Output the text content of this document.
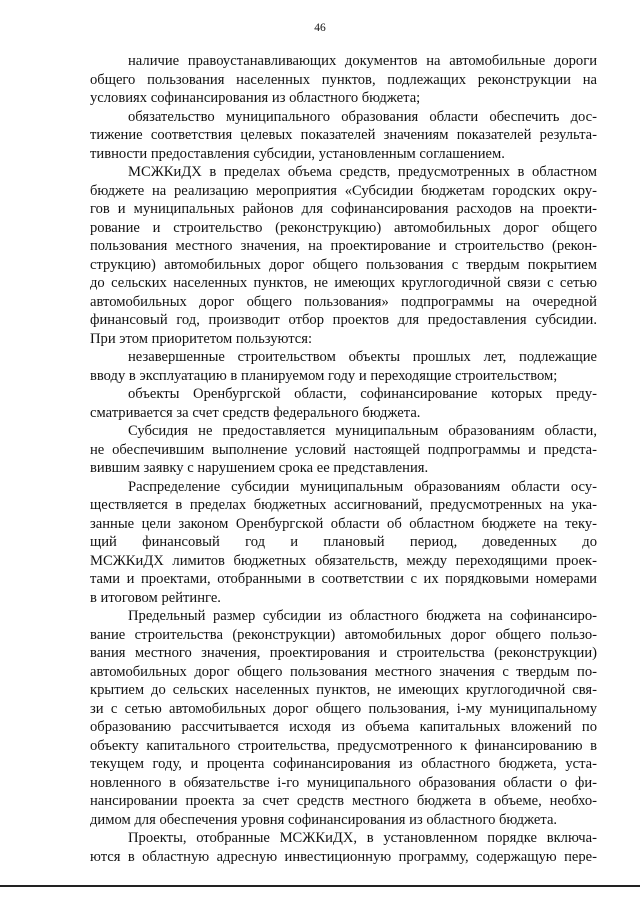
46
наличие правоустанавливающих документов на автомобильные дороги
общего пользования населенных пунктов, подлежащих реконструкции на
условиях софинансирования из областного бюджета;
обязательство муниципального образования области обеспечить дос-
тижение соответствия целевых показателей значениям показателей результа-
тивности предоставления субсидии, установленным соглашением.
МСЖКиДХ в пределах объема средств, предусмотренных в областном
бюджете на реализацию мероприятия «Субсидии бюджетам городских окру-
гов и муниципальных районов для софинансирования расходов на проекти-
рование и строительство (реконструкцию) автомобильных дорог общего
пользования местного значения, на проектирование и строительство (рекон-
струкцию) автомобильных дорог общего пользования с твердым покрытием
до сельских населенных пунктов, не имеющих круглогодичной связи с сетью
автомобильных дорог общего пользования» подпрограммы на очередной
финансовый год, производит отбор проектов для предоставления субсидии.
При этом приоритетом пользуются:
незавершенные строительством объекты прошлых лет, подлежащие
вводу в эксплуатацию в планируемом году и переходящие строительством;
объекты Оренбургской области, софинансирование которых преду-
сматривается за счет средств федерального бюджета.
Субсидия не предоставляется муниципальным образованиям области,
не обеспечившим выполнение условий настоящей подпрограммы и предста-
вившим заявку с нарушением срока ее представления.
Распределение субсидии муниципальным образованиям области осу-
ществляется в пределах бюджетных ассигнований, предусмотренных на ука-
занные цели законом Оренбургской области об областном бюджете на теку-
щий финансовый год и плановый период, доведенных до
МСЖКиДХ лимитов бюджетных обязательств, между переходящими проек-
тами и проектами, отобранными в соответствии с их порядковыми номерами
в итоговом рейтинге.
Предельный размер субсидии из областного бюджета на софинансиро-
вание строительства (реконструкции) автомобильных дорог общего пользо-
вания местного значения, проектирования и строительства (реконструкции)
автомобильных дорог общего пользования местного значения с твердым по-
крытием до сельских населенных пунктов, не имеющих круглогодичной свя-
зи с сетью автомобильных дорог общего пользования, i-му муниципальному
образованию рассчитывается исходя из объема капитальных вложений по
объекту капитального строительства, предусмотренного к финансированию в
текущем году, и процента софинансирования из областного бюджета, уста-
новленного в обязательстве i-го муниципального образования области о фи-
нансировании проекта за счет средств местного бюджета в объеме, необхо-
димом для обеспечения уровня софинансирования из областного бюджета.
Проекты, отобранные МСЖКиДХ, в установленном порядке включа-
ются в областную адресную инвестиционную программу, содержащую пере-
